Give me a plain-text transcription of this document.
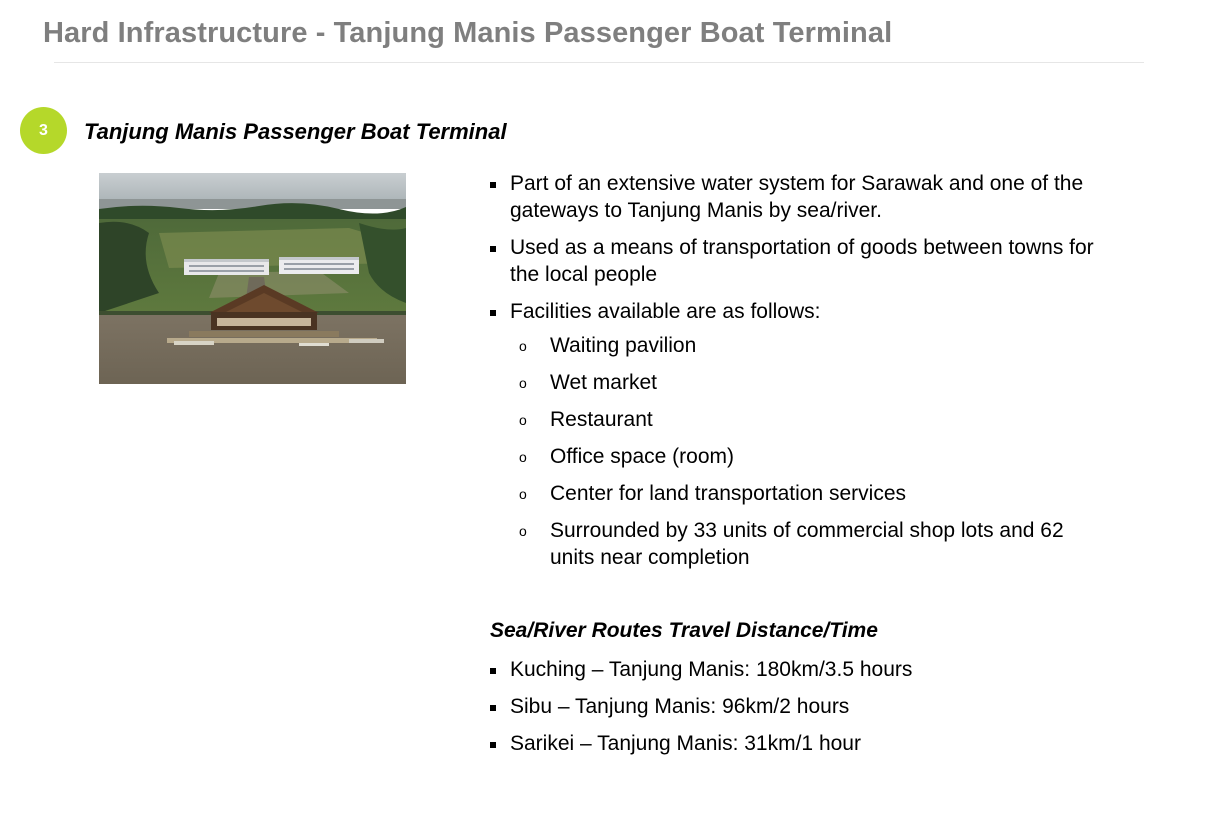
Hard Infrastructure - Tanjung Manis Passenger Boat Terminal
3	Tanjung Manis Passenger Boat Terminal
Part of an extensive water system for Sarawak and one of the gateways to Tanjung Manis by sea/river.
Used as a means of transportation of goods between towns for the local people
Facilities available are as follows:
o Waiting pavilion
o Wet market
o Restaurant
o Office space (room)
o Center for land transportation services
o Surrounded by 33 units of commercial shop lots and 62 units near completion
Sea/River Routes Travel Distance/Time
Kuching – Tanjung Manis: 180km/3.5 hours
Sibu – Tanjung Manis: 96km/2 hours
Sarikei – Tanjung Manis: 31km/1 hour
